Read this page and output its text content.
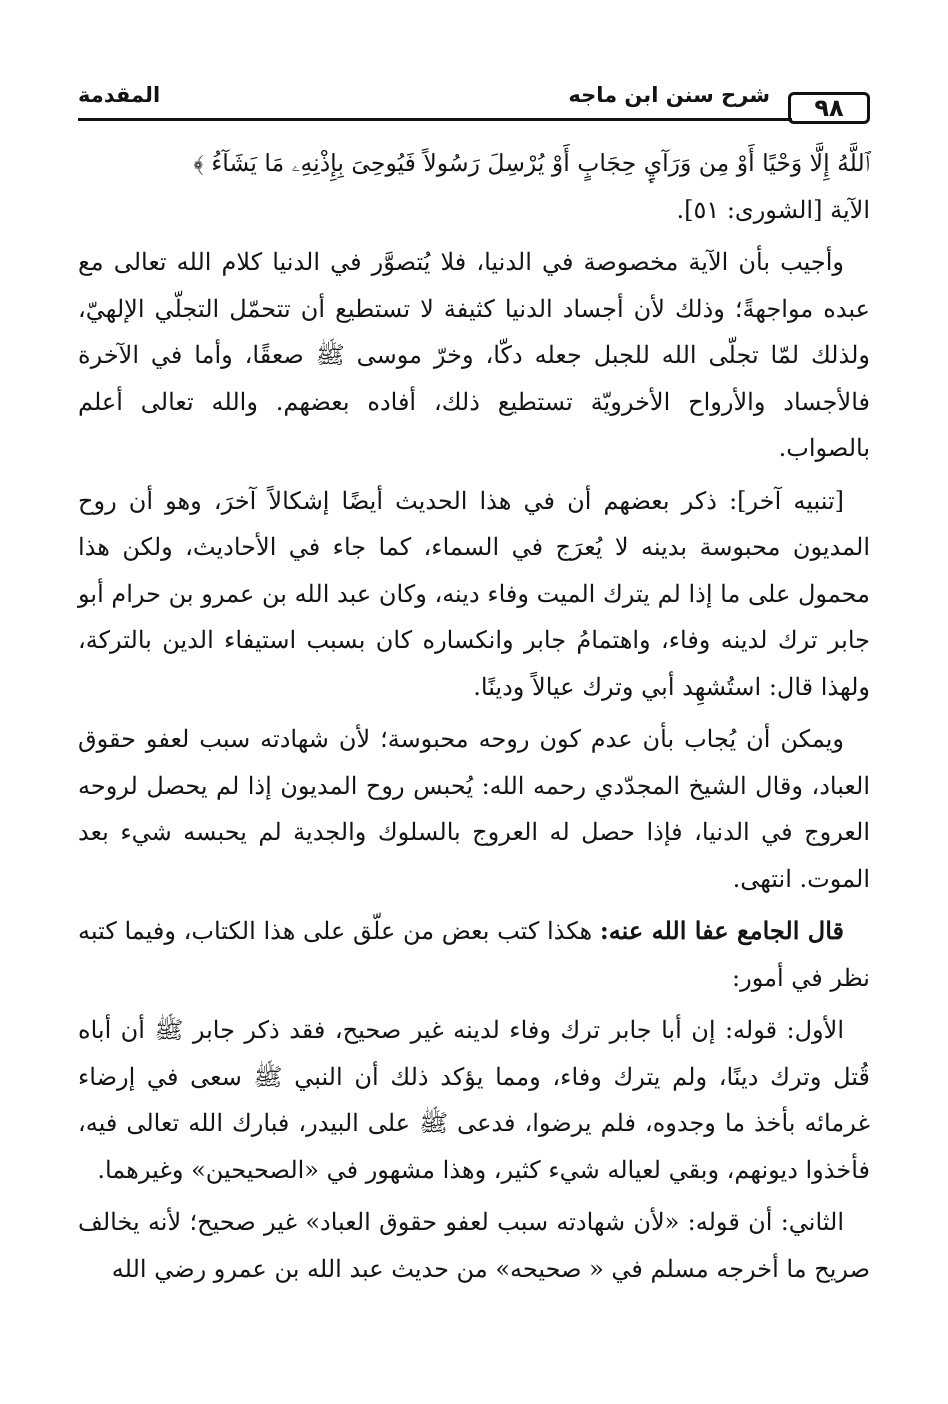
٩٨
شرح سنن ابن ماجه
المقدمة

ٱللَّهُ إِلَّا وَحْيًا أَوْ مِن وَرَآيِٕ حِجَابٍ أَوْ يُرْسِلَ رَسُولاً فَيُوحِىَ بِإِذْنِهِۦ مَا يَشَآءُ ﴾
الآية [الشورى: ٥١].

وأجيب بأن الآية مخصوصة في الدنيا، فلا يُتصوَّر في الدنيا كلام الله تعالى مع عبده مواجهةً؛ وذلك لأن أجساد الدنيا كثيفة لا تستطيع أن تتحمّل التجلّي الإلهيّ، ولذلك لمّا تجلّى الله للجبل جعله دكّا، وخرّ موسى ﷺ صعقًا، وأما في الآخرة فالأجساد والأرواح الأخرويّة تستطيع ذلك، أفاده بعضهم. والله تعالى أعلم بالصواب.

[تنبيه آخر]: ذكر بعضهم أن في هذا الحديث أيضًا إشكالاً آخرَ، وهو أن روح المديون محبوسة بدينه لا يُعرَج في السماء، كما جاء في الأحاديث، ولكن هذا محمول على ما إذا لم يترك الميت وفاء دينه، وكان عبد الله بن عمرو بن حرام أبو جابر ترك لدينه وفاء، واهتمامُ جابر وانكساره كان بسبب استيفاء الدين بالتركة، ولهذا قال: استُشهِد أبي وترك عيالاً ودينًا.

ويمكن أن يُجاب بأن عدم كون روحه محبوسة؛ لأن شهادته سبب لعفو حقوق العباد، وقال الشيخ المجدّدي رحمه الله: يُحبس روح المديون إذا لم يحصل لروحه العروج في الدنيا، فإذا حصل له العروج بالسلوك والجدية لم يحبسه شيء بعد الموت. انتهى.

قال الجامع عفا الله عنه: هكذا كتب بعض من علّق على هذا الكتاب، وفيما كتبه نظر في أمور:

الأول: قوله: إن أبا جابر ترك وفاء لدينه غير صحيح، فقد ذكر جابر ﷺ أن أباه قُتل وترك دينًا، ولم يترك وفاء، ومما يؤكد ذلك أن النبي ﷺ سعى في إرضاء غرمائه بأخذ ما وجدوه، فلم يرضوا، فدعى ﷺ على البيدر، فبارك الله تعالى فيه، فأخذوا ديونهم، وبقي لعياله شيء كثير، وهذا مشهور في «الصحيحين» وغيرهما.

الثاني: أن قوله: «لأن شهادته سبب لعفو حقوق العباد» غير صحيح؛ لأنه يخالف صريح ما أخرجه مسلم في « صحيحه» من حديث عبد الله بن عمرو رضي الله
